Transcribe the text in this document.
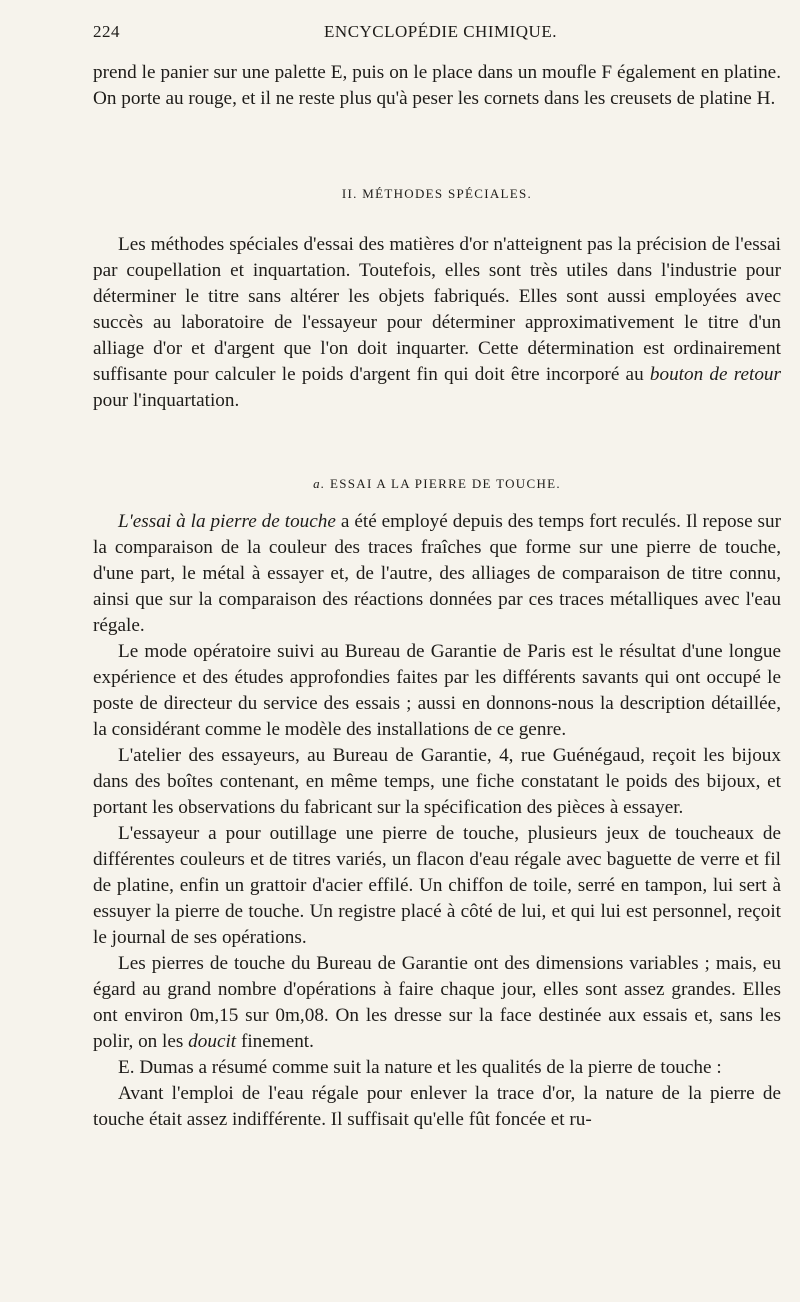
224	ENCYCLOPÉDIE CHIMIQUE.

prend le panier sur une palette E, puis on le place dans un moufle F également en platine. On porte au rouge, et il ne reste plus qu'à peser les cornets dans les creusets de platine H.

II. MÉTHODES SPÉCIALES.

Les méthodes spéciales d'essai des matières d'or n'atteignent pas la précision de l'essai par coupellation et inquartation. Toutefois, elles sont très utiles dans l'industrie pour déterminer le titre sans altérer les objets fabriqués. Elles sont aussi employées avec succès au laboratoire de l'essayeur pour déterminer approximativement le titre d'un alliage d'or et d'argent que l'on doit inquarter. Cette détermination est ordinairement suffisante pour calculer le poids d'argent fin qui doit être incorporé au bouton de retour pour l'inquartation.

a. ESSAI A LA PIERRE DE TOUCHE.

L'essai à la pierre de touche a été employé depuis des temps fort reculés. Il repose sur la comparaison de la couleur des traces fraîches que forme sur une pierre de touche, d'une part, le métal à essayer et, de l'autre, des alliages de comparaison de titre connu, ainsi que sur la comparaison des réactions données par ces traces métalliques avec l'eau régale.

Le mode opératoire suivi au Bureau de Garantie de Paris est le résultat d'une longue expérience et des études approfondies faites par les différents savants qui ont occupé le poste de directeur du service des essais ; aussi en donnons-nous la description détaillée, la considérant comme le modèle des installations de ce genre.

L'atelier des essayeurs, au Bureau de Garantie, 4, rue Guénégaud, reçoit les bijoux dans des boîtes contenant, en même temps, une fiche constatant le poids des bijoux, et portant les observations du fabricant sur la spécification des pièces à essayer.

L'essayeur a pour outillage une pierre de touche, plusieurs jeux de toucheaux de différentes couleurs et de titres variés, un flacon d'eau régale avec baguette de verre et fil de platine, enfin un grattoir d'acier effilé. Un chiffon de toile, serré en tampon, lui sert à essuyer la pierre de touche. Un registre placé à côté de lui, et qui lui est personnel, reçoit le journal de ses opérations.

Les pierres de touche du Bureau de Garantie ont des dimensions variables ; mais, eu égard au grand nombre d'opérations à faire chaque jour, elles sont assez grandes. Elles ont environ 0m,15 sur 0m,08. On les dresse sur la face destinée aux essais et, sans les polir, on les doucit finement.

E. Dumas a résumé comme suit la nature et les qualités de la pierre de touche :

Avant l'emploi de l'eau régale pour enlever la trace d'or, la nature de la pierre de touche était assez indifférente. Il suffisait qu'elle fût foncée et ru-
